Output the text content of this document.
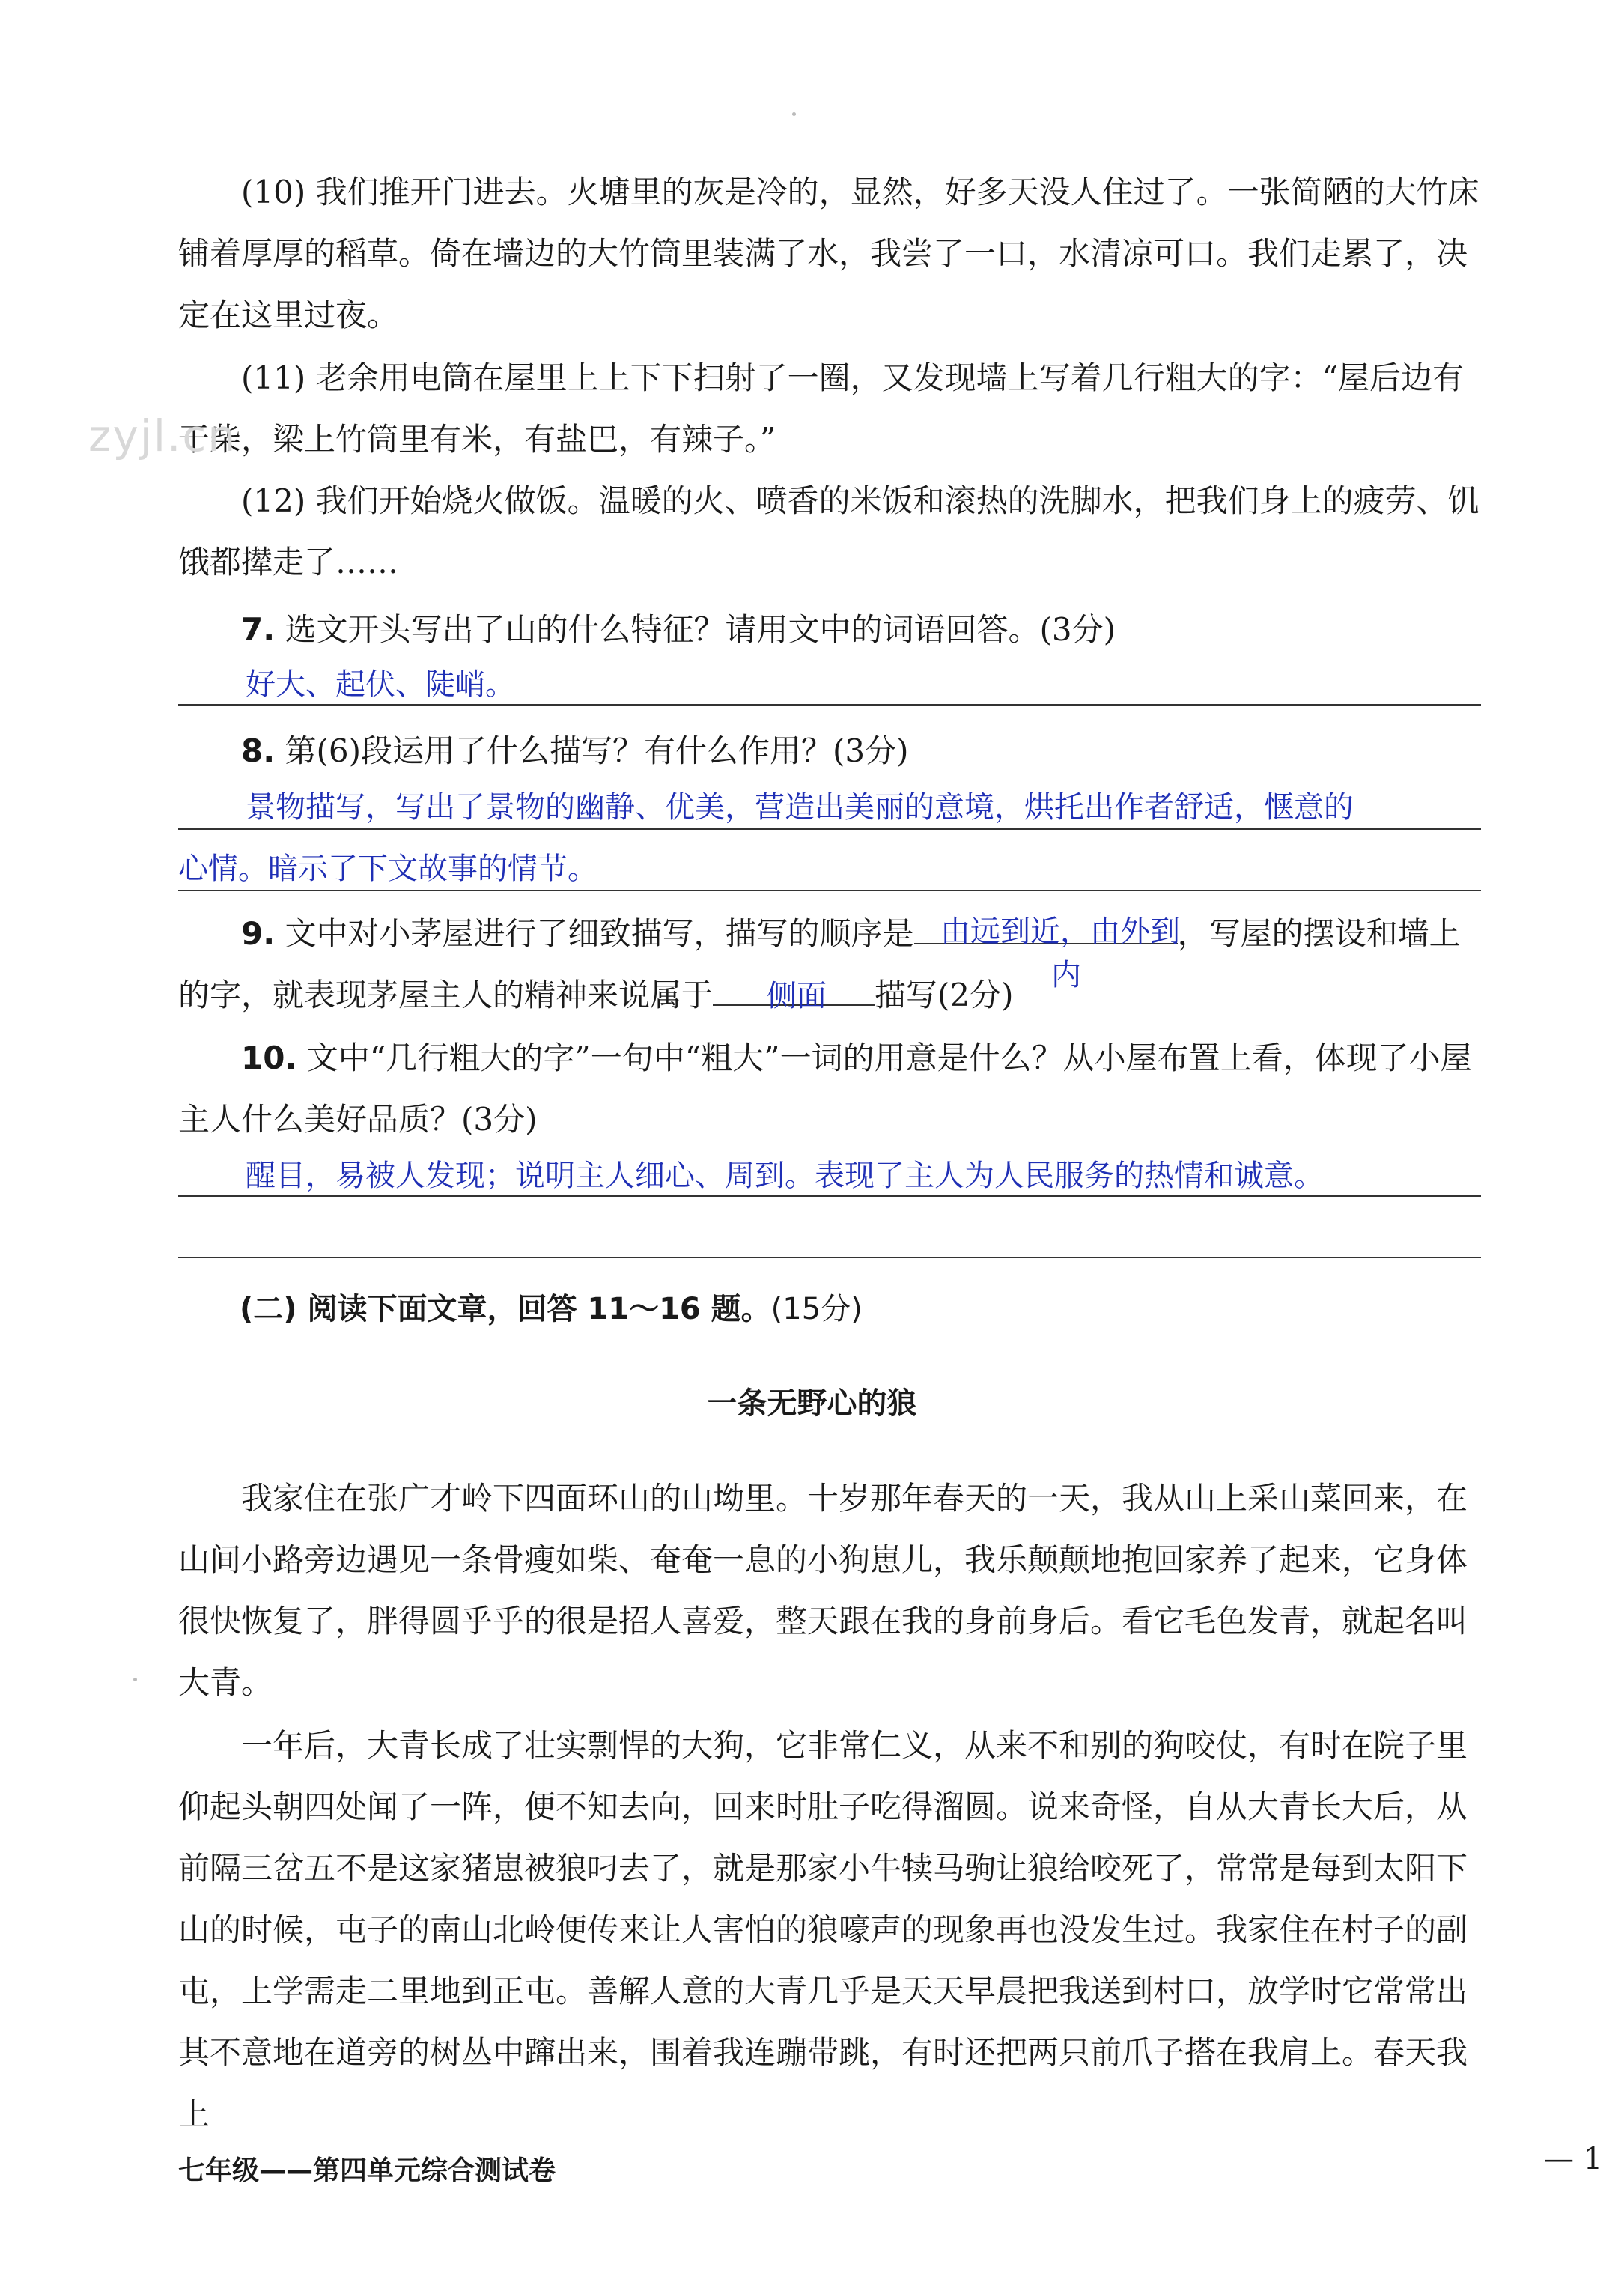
(10) 我们推开门进去。火塘里的灰是冷的，显然，好多天没人住过了。一张简陋的大竹床铺着厚厚的稻草。倚在墙边的大竹筒里装满了水，我尝了一口，水清凉可口。我们走累了，决定在这里过夜。
(11) 老余用电筒在屋里上上下下扫射了一圈，又发现墙上写着几行粗大的字：“屋后边有干柴，梁上竹筒里有米，有盐巴，有辣子。”
zyjl.cn
(12) 我们开始烧火做饭。温暖的火、喷香的米饭和滚热的洗脚水，把我们身上的疲劳、饥饿都撵走了……
7. 选文开头写出了山的什么特征？请用文中的词语回答。(3分)
好大、起伏、陡峭。
8. 第(6)段运用了什么描写？有什么作用？(3分)
景物描写，写出了景物的幽静、优美，营造出美丽的意境，烘托出作者舒适，惬意的
心情。暗示了下文故事的情节。
9. 文中对小茅屋进行了细致描写，描写的顺序是	，写屋的摆设和墙上
的字，就表现茅屋主人的精神来说属于	描写(2分)
由远到近，由外到
内
侧面
10. 文中“几行粗大的字”一句中“粗大”一词的用意是什么？从小屋布置上看，体现了小屋主人什么美好品质？(3分)
醒目，易被人发现；说明主人细心、周到。表现了主人为人民服务的热情和诚意。
(二) 阅读下面文章，回答 11～16 题。(15分)
一条无野心的狼
我家住在张广才岭下四面环山的山坳里。十岁那年春天的一天，我从山上采山菜回来，在山间小路旁边遇见一条骨瘦如柴、奄奄一息的小狗崽儿，我乐颠颠地抱回家养了起来，它身体很快恢复了，胖得圆乎乎的很是招人喜爱，整天跟在我的身前身后。看它毛色发青，就起名叫大青。
一年后，大青长成了壮实剽悍的大狗，它非常仁义，从来不和别的狗咬仗，有时在院子里仰起头朝四处闻了一阵，便不知去向，回来时肚子吃得溜圆。说来奇怪，自从大青长大后，从前隔三岔五不是这家猪崽被狼叼去了，就是那家小牛犊马驹让狼给咬死了，常常是每到太阳下山的时候，屯子的南山北岭便传来让人害怕的狼嚎声的现象再也没发生过。我家住在村子的副屯，上学需走二里地到正屯。善解人意的大青几乎是天天早晨把我送到村口，放学时它常常出其不意地在道旁的树丛中蹿出来，围着我连蹦带跳，有时还把两只前爪子搭在我肩上。春天我上
七年级——第四单元综合测试卷	— 1
